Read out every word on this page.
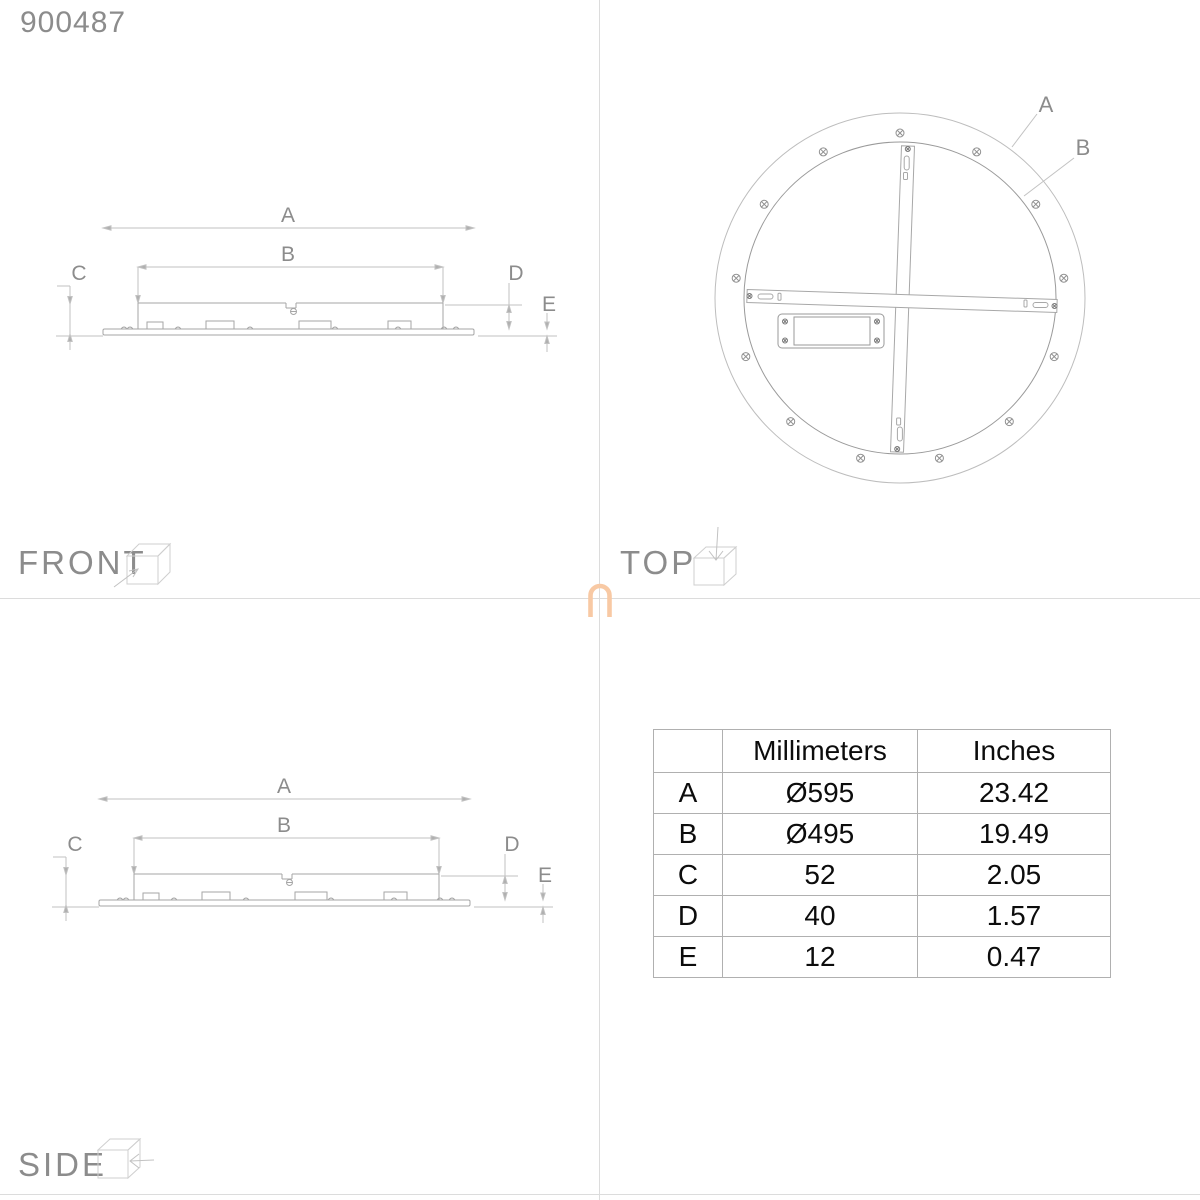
900487
A
B
C	D
E
A
B
C	D
E
A
B
FRONT	TOP
SIDE
	Millimeters	Inches
A	Ø595	23.42
B	Ø495	19.49
C	52	2.05
D	40	1.57
E	12	0.47
